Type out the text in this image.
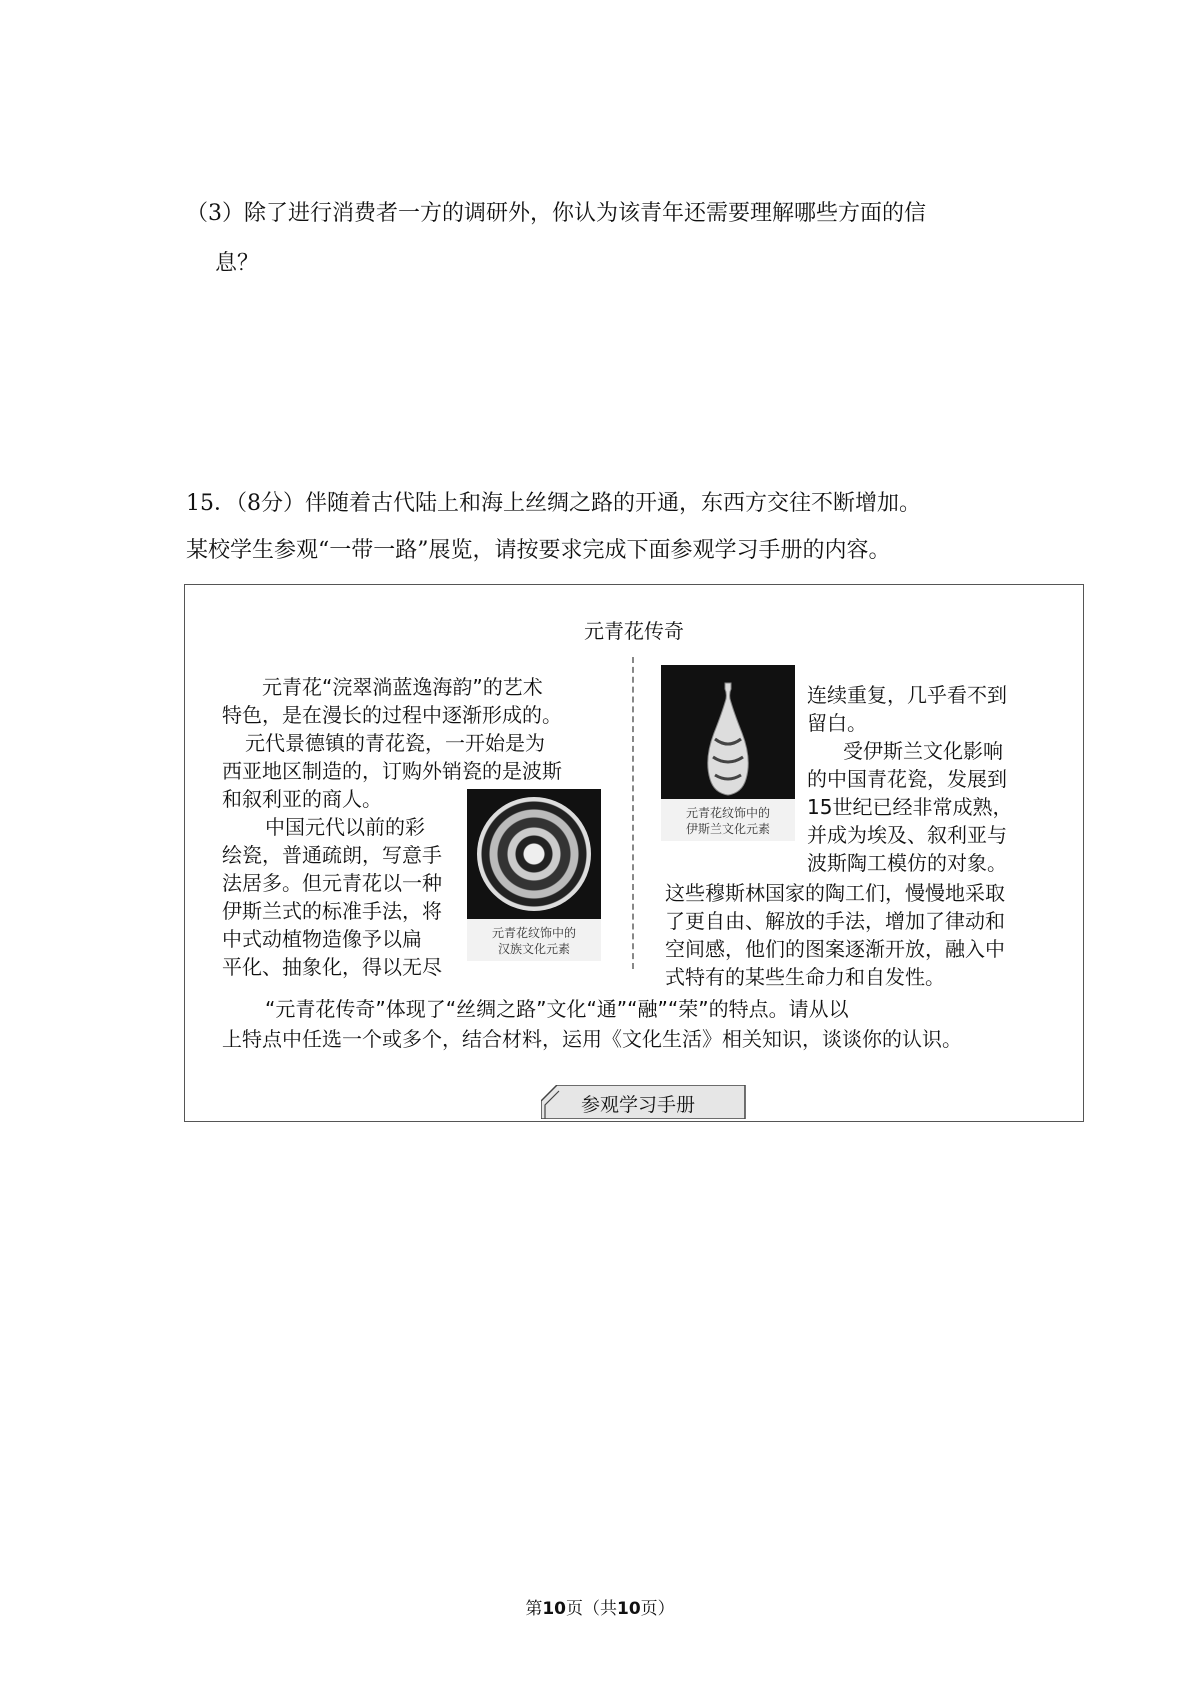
（3）除了进行消费者一方的调研外，你认为该青年还需要理解哪些方面的信
息？
15．（8分）伴随着古代陆上和海上丝绸之路的开通，东西方交往不断增加。
某校学生参观“一带一路”展览，请按要求完成下面参观学习手册的内容。
元青花传奇
元青花“浣翠淌蓝逸海韵”的艺术
特色，是在漫长的过程中逐渐形成的。
元代景德镇的青花瓷，一开始是为
西亚地区制造的，订购外销瓷的是波斯
和叙利亚的商人。
中国元代以前的彩
绘瓷，普通疏朗，写意手
法居多。但元青花以一种
伊斯兰式的标准手法，将
中式动植物造像予以扁
平化、抽象化，得以无尽
元青花纹饰中的
汉族文化元素
元青花纹饰中的
伊斯兰文化元素
连续重复，几乎看不到
留白。
受伊斯兰文化影响
的中国青花瓷，发展到
15世纪已经非常成熟，
并成为埃及、叙利亚与
波斯陶工模仿的对象。
这些穆斯林国家的陶工们，慢慢地采取
了更自由、解放的手法，增加了律动和
空间感，他们的图案逐渐开放，融入中
式特有的某些生命力和自发性。
“元青花传奇”体现了“丝绸之路”文化“通”“融”“荣”的特点。请从以
上特点中任选一个或多个，结合材料，运用《文化生活》相关知识，谈谈你的认识。
参观学习手册
第10页（共10页）
